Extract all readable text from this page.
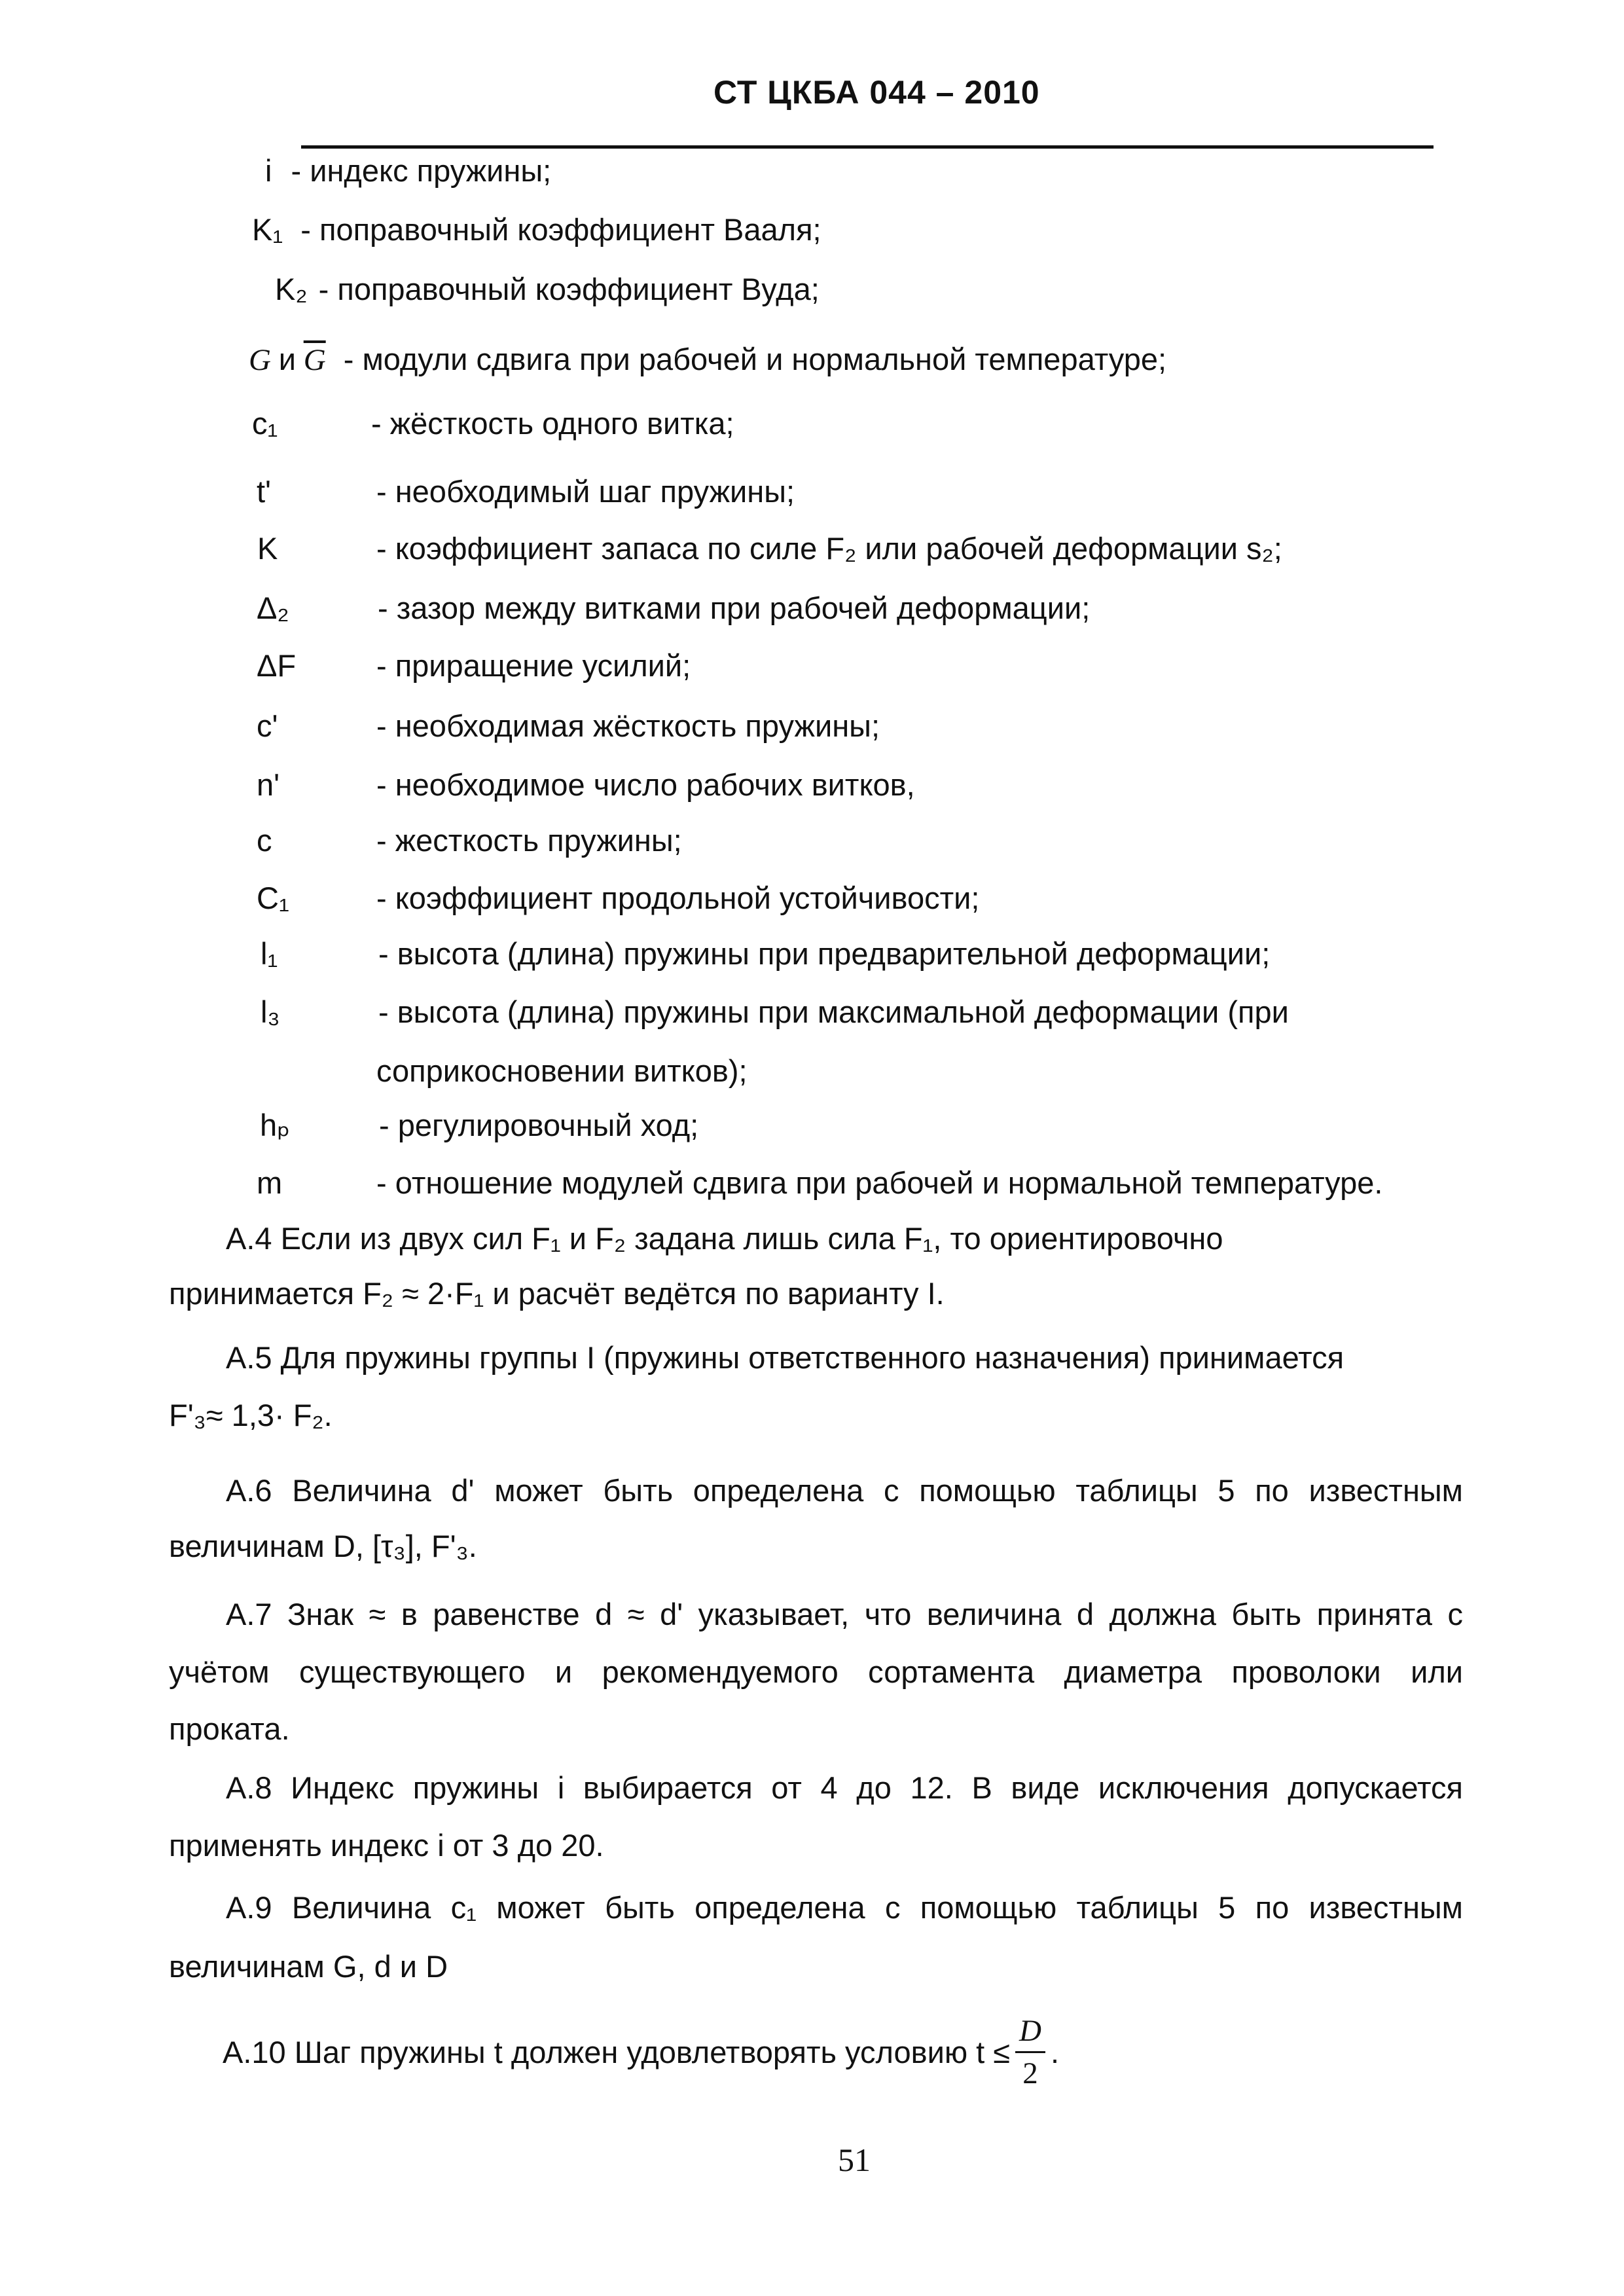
СТ ЦКБА 044 – 2010
i - индекс пружины;
K₁ - поправочный коэффициент Вааля;
K₂ - поправочный коэффициент Вуда;
G и $\overline{G}$ - модули сдвига при рабочей и нормальной температуре;
c₁	- жёсткость одного витка;
t'	- необходимый шаг пружины;
K	- коэффициент запаса по силе F₂ или рабочей деформации s₂;
Δ₂	- зазор между витками при рабочей деформации;
ΔF	- приращение усилий;
c'	- необходимая жёсткость пружины;
n'	- необходимое число рабочих витков,
c	- жесткость пружины;
C₁	- коэффициент продольной устойчивости;
l₁	- высота (длина) пружины при предварительной деформации;
l₃	- высота (длина) пружины при максимальной деформации (при
соприкосновении витков);
hₚ	- регулировочный ход;
m	- отношение модулей сдвига при рабочей и нормальной температуре.
А.4 Если из двух сил F₁ и F₂ задана лишь сила F₁, то ориентировочно
принимается F₂ ≈ 2·F₁ и расчёт ведётся по варианту I.
А.5 Для пружины группы I (пружины ответственного назначения) принимается
F'₃≈ 1,3· F₂.
А.6 Величина d' может быть определена с помощью таблицы 5 по известным
величинам D, [τ₃], F'₃.
А.7 Знак ≈ в равенстве d ≈ d' указывает, что величина d должна быть принята с
учётом существующего и рекомендуемого сортамента диаметра проволоки или
проката.
А.8 Индекс пружины i выбирается от 4 до 12. В виде исключения допускается
применять индекс i от 3 до 20.
А.9 Величина c₁ может быть определена с помощью таблицы 5 по известным
величинам G, d и D
А.10 Шаг пружины t должен удовлетворять условию $t \le \frac{D}{2}$ .
51
